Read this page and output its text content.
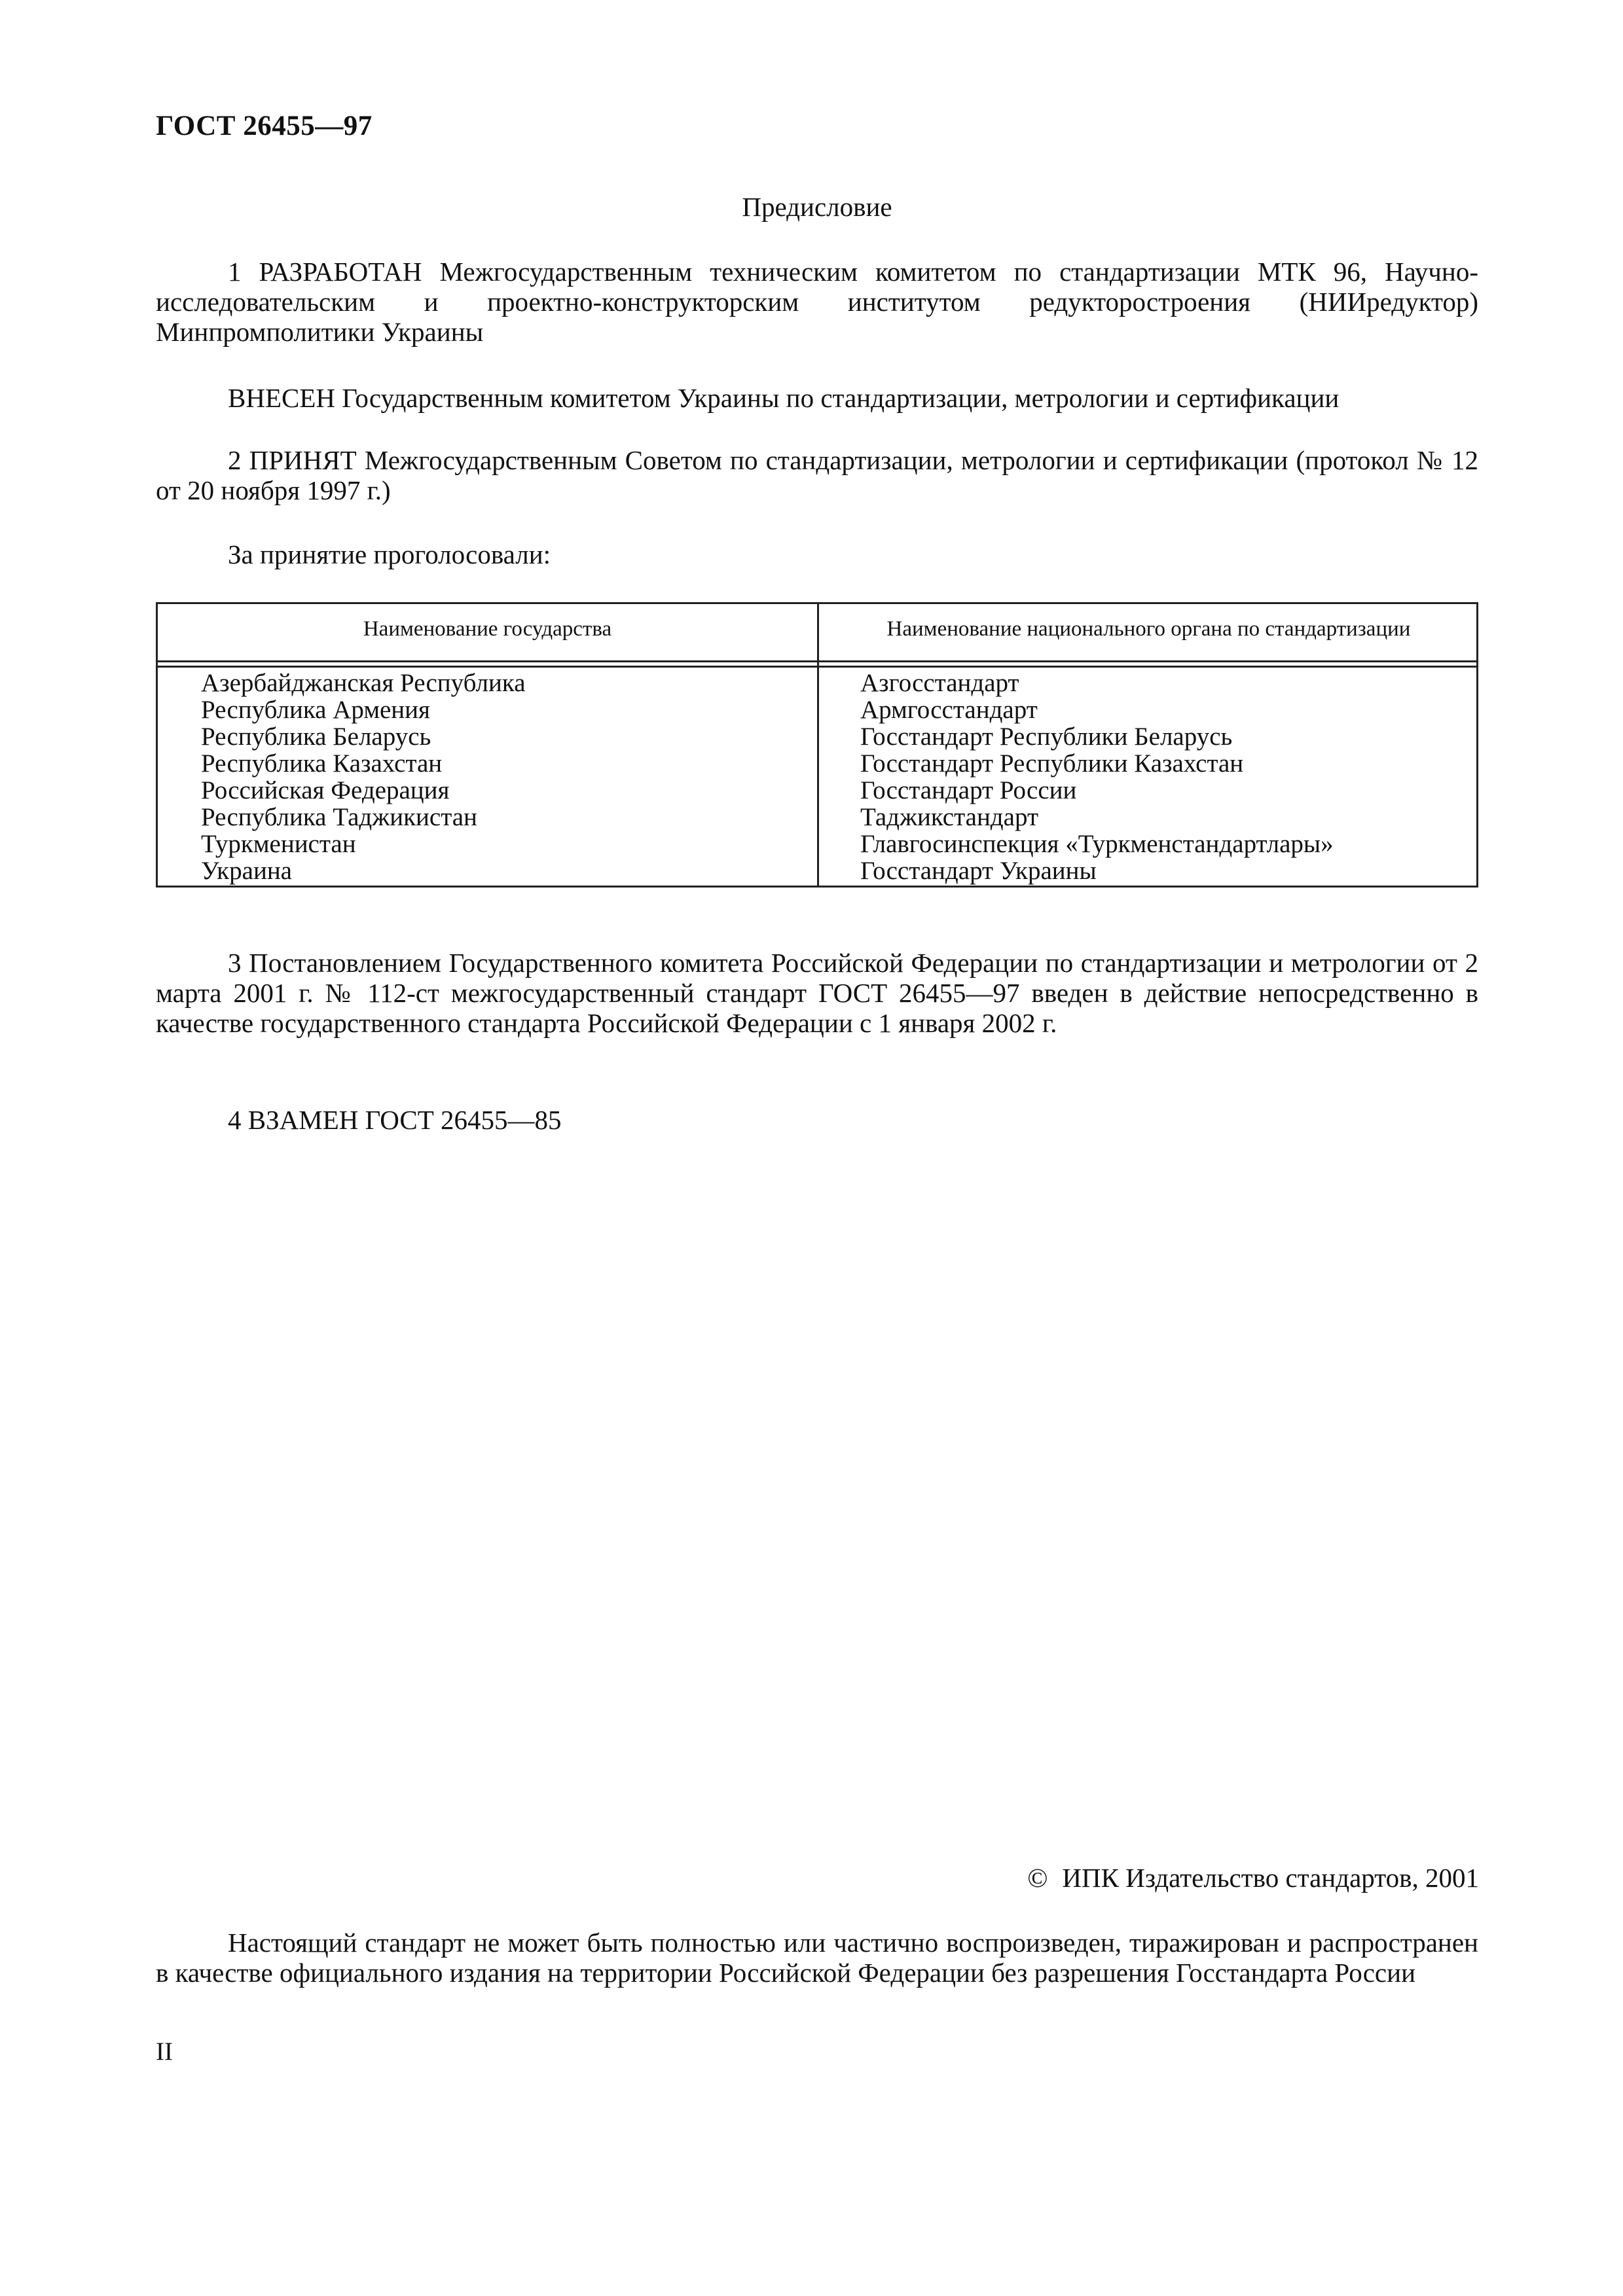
ГОСТ 26455—97
Предисловие

1 РАЗРАБОТАН Межгосударственным техническим комитетом по стандартизации МТК 96, Научно-исследовательским и проектно-конструкторским институтом редукторостроения (НИИредуктор) Минпромполитики Украины

ВНЕСЕН Государственным комитетом Украины по стандартизации, метрологии и сертификации

2 ПРИНЯТ Межгосударственным Советом по стандартизации, метрологии и сертификации (протокол № 12 от 20 ноября 1997 г.)

За принятие проголосовали:

Наименование государства	Наименование национального органа по стандартизации
Азербайджанская Республика
Республика Армения
Республика Беларусь
Республика Казахстан
Российская Федерация
Республика Таджикистан
Туркменистан
Украина
Азгосстандарт
Армгосстандарт
Госстандарт Республики Беларусь
Госстандарт Республики Казахстан
Госстандарт России
Таджикстандарт
Главгосинспекция «Туркменстандартлары»
Госстандарт Украины

3 Постановлением Государственного комитета Российской Федерации по стандартизации и метрологии от 2 марта 2001 г. № 112-ст межгосударственный стандарт ГОСТ 26455—97 введен в действие непосредственно в качестве государственного стандарта Российской Федерации с 1 января 2002 г.

4 ВЗАМЕН ГОСТ 26455—85

© ИПК Издательство стандартов, 2001

Настоящий стандарт не может быть полностью или частично воспроизведен, тиражирован и распространен в качестве официального издания на территории Российской Федерации без разрешения Госстандарта России

II
